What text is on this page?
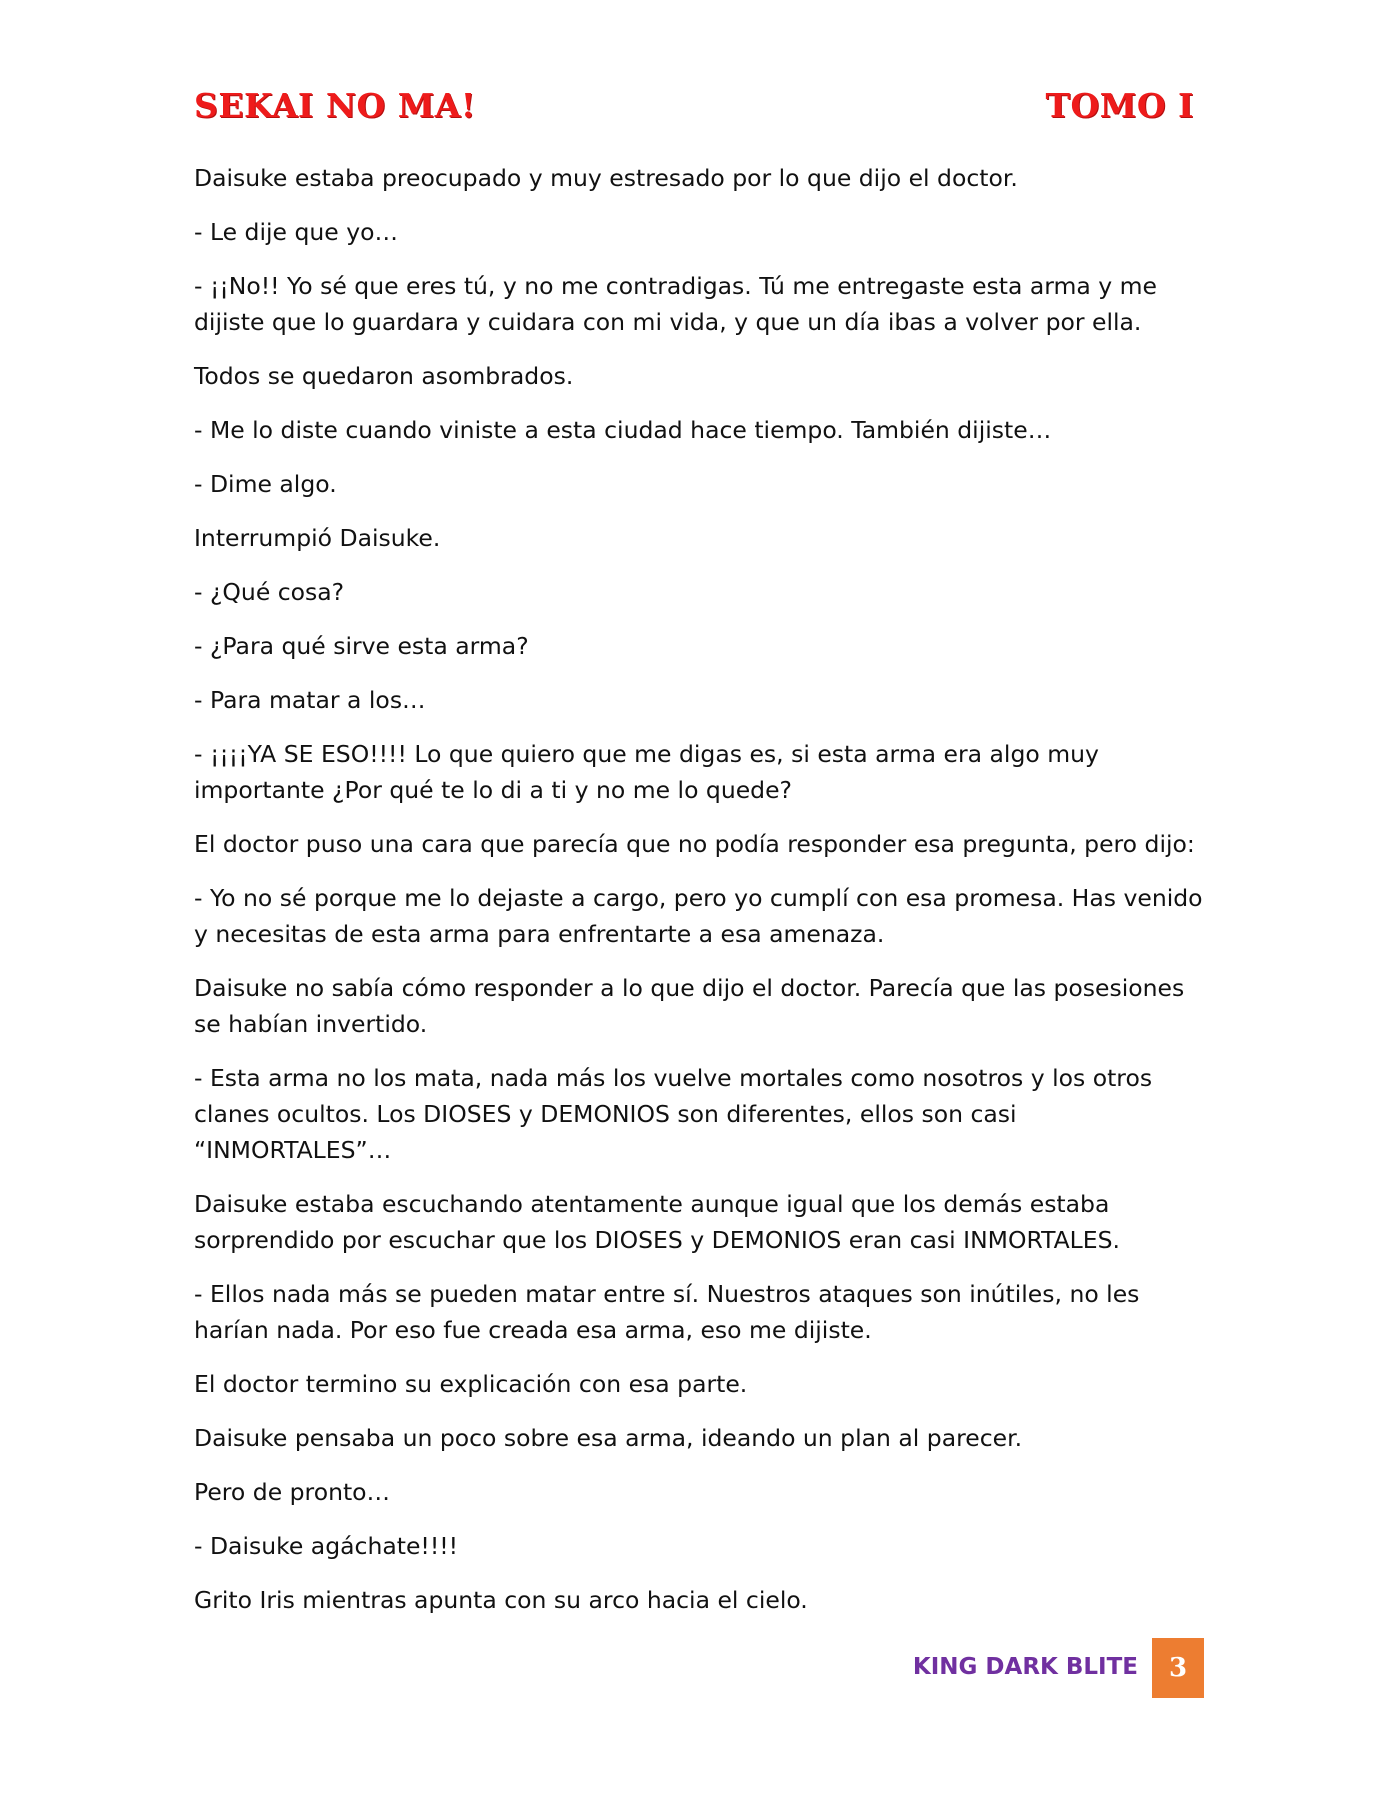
SEKAI NO MA!	TOMO I

Daisuke estaba preocupado y muy estresado por lo que dijo el doctor.

- Le dije que yo…

- ¡¡No!! Yo sé que eres tú, y no me contradigas. Tú me entregaste esta arma y me dijiste que lo guardara y cuidara con mi vida, y que un día ibas a volver por ella.

Todos se quedaron asombrados.

- Me lo diste cuando viniste a esta ciudad hace tiempo. También dijiste…

- Dime algo.

Interrumpió Daisuke.

- ¿Qué cosa?

- ¿Para qué sirve esta arma?

- Para matar a los…

- ¡¡¡¡YA SE ESO!!!! Lo que quiero que me digas es, si esta arma era algo muy importante ¿Por qué te lo di a ti y no me lo quede?

El doctor puso una cara que parecía que no podía responder esa pregunta, pero dijo:

- Yo no sé porque me lo dejaste a cargo, pero yo cumplí con esa promesa. Has venido y necesitas de esta arma para enfrentarte a esa amenaza.

Daisuke no sabía cómo responder a lo que dijo el doctor. Parecía que las posesiones se habían invertido.

- Esta arma no los mata, nada más los vuelve mortales como nosotros y los otros clanes ocultos. Los DIOSES y DEMONIOS son diferentes, ellos son casi “INMORTALES”…

Daisuke estaba escuchando atentamente aunque igual que los demás estaba sorprendido por escuchar que los DIOSES y DEMONIOS eran casi INMORTALES.

- Ellos nada más se pueden matar entre sí. Nuestros ataques son inútiles, no les harían nada. Por eso fue creada esa arma, eso me dijiste.

El doctor termino su explicación con esa parte.

Daisuke pensaba un poco sobre esa arma, ideando un plan al parecer.

Pero de pronto…

- Daisuke agáchate!!!!

Grito Iris mientras apunta con su arco hacia el cielo.

KING DARK BLITE	3
